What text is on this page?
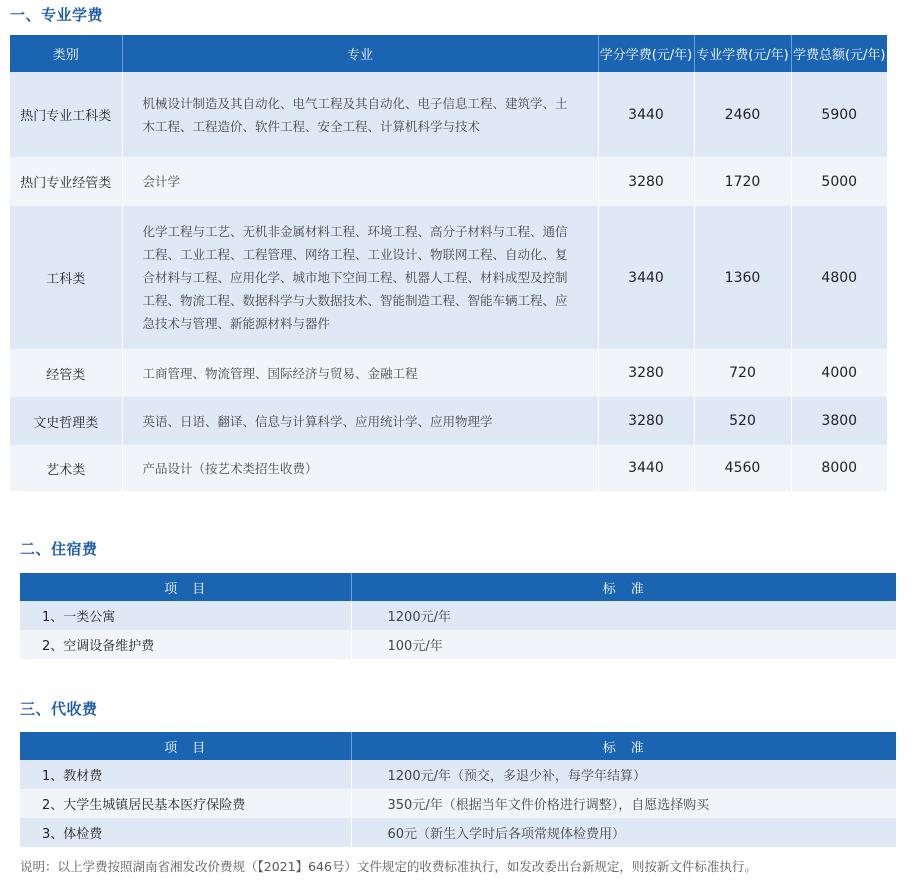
一、专业学费
类别	专业	学分学费(元/年)	专业学费(元/年)	学费总额(元/年)
热门专业工科类	机械设计制造及其自动化、电气工程及其自动化、电子信息工程、建筑学、土木工程、工程造价、软件工程、安全工程、计算机科学与技术	3440	2460	5900
热门专业经管类	会计学	3280	1720	5000
工科类	化学工程与工艺、无机非金属材料工程、环境工程、高分子材料与工程、通信工程、工业工程、工程管理、网络工程、工业设计、物联网工程、自动化、复合材料与工程、应用化学、城市地下空间工程、机器人工程、材料成型及控制工程、物流工程、数据科学与大数据技术、智能制造工程、智能车辆工程、应急技术与管理、新能源材料与器件	3440	1360	4800
经管类	工商管理、物流管理、国际经济与贸易、金融工程	3280	720	4000
文史哲理类	英语、日语、翻译、信息与计算科学、应用统计学、应用物理学	3280	520	3800
艺术类	产品设计（按艺术类招生收费）	3440	4560	8000
二、住宿费
项　目	标　准
1、一类公寓	1200元/年
2、空调设备维护费	100元/年
三、代收费
项　目	标　准
1、教材费	1200元/年（预交，多退少补，每学年结算）
2、大学生城镇居民基本医疗保险费	350元/年（根据当年文件价格进行调整），自愿选择购买
3、体检费	60元（新生入学时后各项常规体检费用）
说明：以上学费按照湖南省湘发改价费规（【2021】646号）文件规定的收费标准执行，如发改委出台新规定，则按新文件标准执行。
